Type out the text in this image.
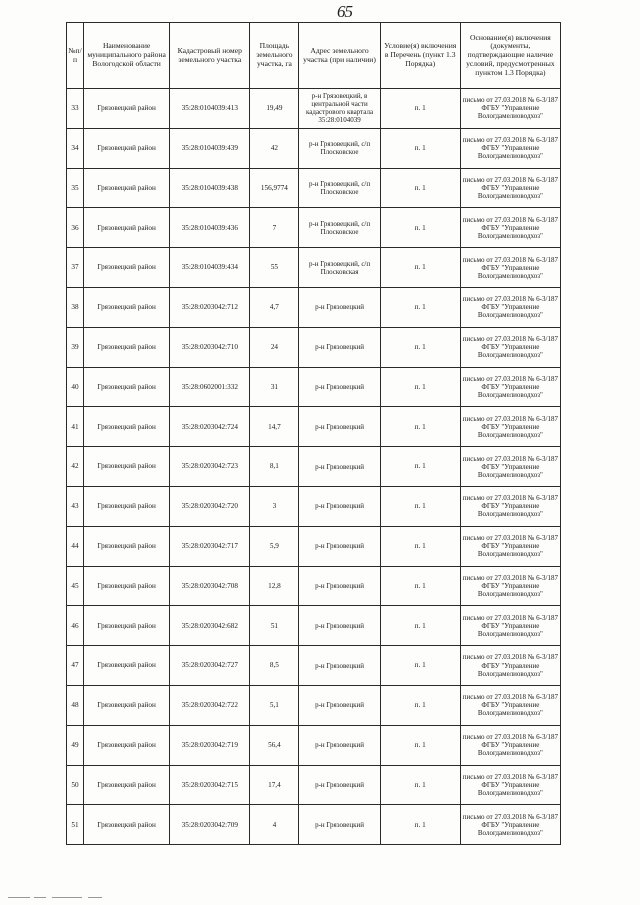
65
№п/п	Наименование муниципального района Вологодской области	Кадастровый номер земельного участка	Площадь земельного участка, га	Адрес земельного участка (при наличии)	Условие(я) включения в Перечень (пункт 1.3 Порядка)	Основание(я) включения (документы, подтверждающие наличие условий, предусмотренных пунктом 1.3 Порядка)

33	Грязовецкий район	35:28:0104039:413	19,49	р-н Грязовецкий, в центральной части кадастрового квартала 35:28:0104039	п. 1	письмо от 27.03.2018 № 6-3/187 ФГБУ "Управление Вологдамелиоводхоз"
34	Грязовецкий район	35:28:0104039:439	42	р-н Грязовецкий, с/п Плосковское	п. 1	письмо от 27.03.2018 № 6-3/187 ФГБУ "Управление Вологдамелиоводхоз"
35	Грязовецкий район	35:28:0104039:438	156,9774	р-н Грязовецкий, с/п Плосковское	п. 1	письмо от 27.03.2018 № 6-3/187 ФГБУ "Управление Вологдамелиоводхоз"
36	Грязовецкий район	35:28:0104039:436	7	р-н Грязовецкий, с/п Плосковское	п. 1	письмо от 27.03.2018 № 6-3/187 ФГБУ "Управление Вологдамелиоводхоз"
37	Грязовецкий район	35:28:0104039:434	55	р-н Грязовецкий, с/п Плосковская	п. 1	письмо от 27.03.2018 № 6-3/187 ФГБУ "Управление Вологдамелиоводхоз"
38	Грязовецкий район	35:28:0203042:712	4,7	р-н Грязовецкий	п. 1	письмо от 27.03.2018 № 6-3/187 ФГБУ "Управление Вологдамелиоводхоз"
39	Грязовецкий район	35:28:0203042:710	24	р-н Грязовецкий	п. 1	письмо от 27.03.2018 № 6-3/187 ФГБУ "Управление Вологдамелиоводхоз"
40	Грязовецкий район	35:28:0602001:332	31	р-н Грязовецкий	п. 1	письмо от 27.03.2018 № 6-3/187 ФГБУ "Управление Вологдамелиоводхоз"
41	Грязовецкий район	35:28:0203042:724	14,7	р-н Грязовецкий	п. 1	письмо от 27.03.2018 № 6-3/187 ФГБУ "Управление Вологдамелиоводхоз"
42	Грязовецкий район	35:28:0203042:723	8,1	р-н Грязовецкий	п. 1	письмо от 27.03.2018 № 6-3/187 ФГБУ "Управление Вологдамелиоводхоз"
43	Грязовецкий район	35:28:0203042:720	3	р-н Грязовецкий	п. 1	письмо от 27.03.2018 № 6-3/187 ФГБУ "Управление Вологдамелиоводхоз"
44	Грязовецкий район	35:28:0203042:717	5,9	р-н Грязовецкий	п. 1	письмо от 27.03.2018 № 6-3/187 ФГБУ "Управление Вологдамелиоводхоз"
45	Грязовецкий район	35:28:0203042:708	12,8	р-н Грязовецкий	п. 1	письмо от 27.03.2018 № 6-3/187 ФГБУ "Управление Вологдамелиоводхоз"
46	Грязовецкий район	35:28:0203042:682	51	р-н Грязовецкий	п. 1	письмо от 27.03.2018 № 6-3/187 ФГБУ "Управление Вологдамелиоводхоз"
47	Грязовецкий район	35:28:0203042:727	8,5	р-н Грязовецкий	п. 1	письмо от 27.03.2018 № 6-3/187 ФГБУ "Управление Вологдамелиоводхоз"
48	Грязовецкий район	35:28:0203042:722	5,1	р-н Грязовецкий	п. 1	письмо от 27.03.2018 № 6-3/187 ФГБУ "Управление Вологдамелиоводхоз"
49	Грязовецкий район	35:28:0203042:719	56,4	р-н Грязовецкий	п. 1	письмо от 27.03.2018 № 6-3/187 ФГБУ "Управление Вологдамелиоводхоз"
50	Грязовецкий район	35:28:0203042:715	17,4	р-н Грязовецкий	п. 1	письмо от 27.03.2018 № 6-3/187 ФГБУ "Управление Вологдамелиоводхоз"
51	Грязовецкий район	35:28:0203042:709	4	р-н Грязовецкий	п. 1	письмо от 27.03.2018 № 6-3/187 ФГБУ "Управление Вологдамелиоводхоз"
